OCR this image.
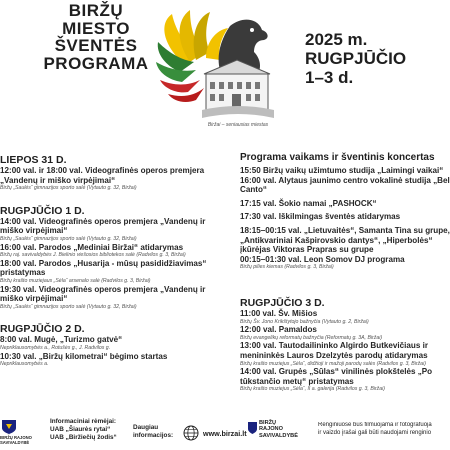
BIRŽŲ
MIESTO
ŠVENTĖS
PROGRAMA
Biržai – seniausias miestas
2025 m.
RUGPJŪČIO
1–3 d.
LIEPOS 31 D.
12:00 val. ir 18:00 val. Videografinės operos premjera
„Vandenų ir miško virpėjimai“
Biržų „Saulės“ gimnazijos sporto salė (Vytauto g. 32, Biržai)
RUGPJŪČIO 1 D.
14:00 val. Videografinės operos premjera „Vandenų ir
miško virpėjimai“
Biržų „Saulės“ gimnazijos sporto salė (Vytauto g. 32, Biržai)
16:00 val. Parodos „Mediniai Biržai“ atidarymas
Biržų raj. savivaldybės J. Bielinio viešosios bibliotekos salė (Radvilos g. 3, Biržai)
18:00 val. Parodos „Husarija - mūsų pasididžiavimas“
pristatymas
Biržų krašto muziejaus „Sėla“ arsenalo salė (Radvilos g. 3, Biržai)
19:30 val. Videografinės operos premjera „Vandenų ir
miško virpėjimai“
Biržų „Saulės“ gimnazijos sporto salė (Vytauto g. 32, Biržai)
RUGPJŪČIO 2 D.
8:00 val. Mugė, „Turizmo gatvė“
Nepriklausomybės a., Rotušės g., J. Radvilos g.
10:30 val. „Biržų kilometrai“ bėgimo startas
Nepriklausomybės a.
Programa vaikams ir šventinis koncertas
15:50 Biržų vaikų užimtumo studija „Laimingi vaikai“
16:00 val. Alytaus jaunimo centro vokalinė studija „Bel
Canto“
17:15 val. Šokio namai „PASHOCK“
17:30 val. Iškilmingas šventės atidarymas
18:15–00:15 val. „Lietuvaitės“, Samanta Tina su grupe,
„Antikvariniai Kašpirovskio dantys“, „Hiperbolės“
įkūrėjas Viktoras Prapras su grupe
00:15–01:30 val. Leon Somov DJ programa
Biržų pilies kiemas (Radvilos g. 3, Biržai)
RUGPJŪČIO 3 D.
11:00 val. Šv. Mišios
Biržų Šv. Jono Krikštytojo bažnyčia (Vytauto g. 2, Biržai)
12:00 val. Pamaldos
Biržų evangelikų reformatų bažnyčia (Reformatų g. 3A, Biržai)
13:00 val. Tautodailininko Algirdo Butkevičiaus ir
menininkės Lauros Dzelzytės parodų atidarymas
Biržų krašto muziejus „Sėla“, didžioji ir mažoji parodų salės (Radvilos g. 3, Biržai)
14:00 val. Grupės „Sūlas“ vinilinės plokštelės „Po
tūkstančio metų“ pristatymas
Biržų krašto muziejus „Sėla“, II a. galerija (Radvilos g. 3, Biržai)
BIRŽŲ RAJONO SAVIVALDYBĖ
Informaciniai rėmėjai:
UAB „Šiaurės rytai“
UAB „Biržiečių žodis“
Daugiau informacijos:	www.birzai.lt
BIRŽŲ
RAJONO
SAVIVALDYBĖ
Renginiuose bus filmuojama ir fotografuoja
ir vaizdo įrašai gali būti naudojami renginio
